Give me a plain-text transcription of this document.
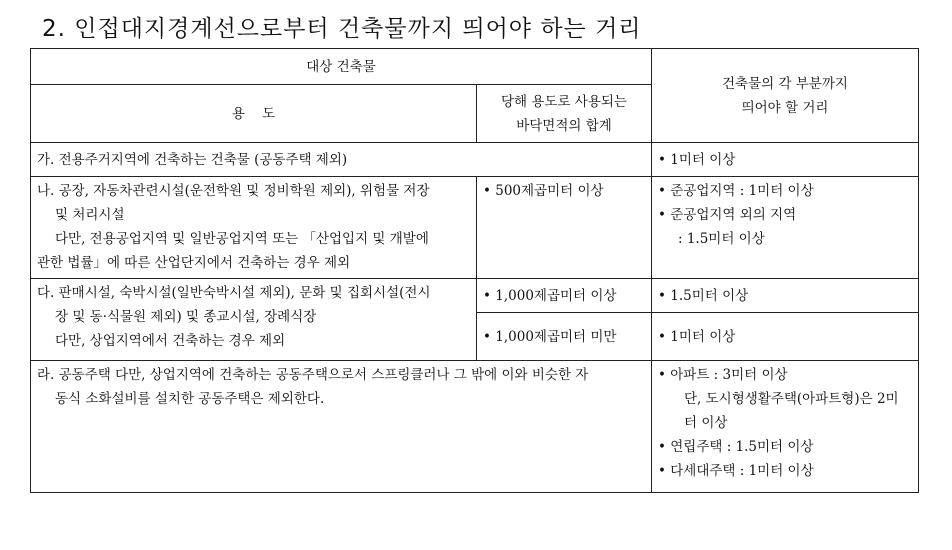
2. 인접대지경계선으로부터 건축물까지 띄어야 하는 거리
대상 건축물		건축물의 각 부분까지
띄어야 할 거리

용    도	당해 용도로 사용되는
바닥면적의 합계	

가. 전용주거지역에 건축하는 건축물 (공동주택 제외)		• 1미터 이상

나. 공장, 자동차관련시설(운전학원 및 정비학원 제외), 위험물 저장
및 처리시설
다만, 전용공업지역 및 일반공업지역 또는 「산업입지 및 개발에
관한 법률」에 따른 산업단지에서 건축하는 경우 제외	• 500제곱미터 이상	• 준공업지역 : 1미터 이상
• 준공업지역 외의 지역
: 1.5미터 이상

다. 판매시설, 숙박시설(일반숙박시설 제외), 문화 및 집회시설(전시
장 및 동·식물원 제외) 및 종교시설, 장례식장
다만, 상업지역에서 건축하는 경우 제외	• 1,000제곱미터 이상	• 1.5미터 이상
	• 1,000제곱미터 미만	• 1미터 이상

라. 공동주택 다만, 상업지역에 건축하는 공동주택으로서 스프링클러나 그 밖에 이와 비슷한 자
동식 소화설비를 설치한 공동주택은 제외한다.		• 아파트 : 3미터 이상
단, 도시형생활주택(아파트형)은 2미
터 이상
• 연립주택 : 1.5미터 이상
• 다세대주택 : 1미터 이상
